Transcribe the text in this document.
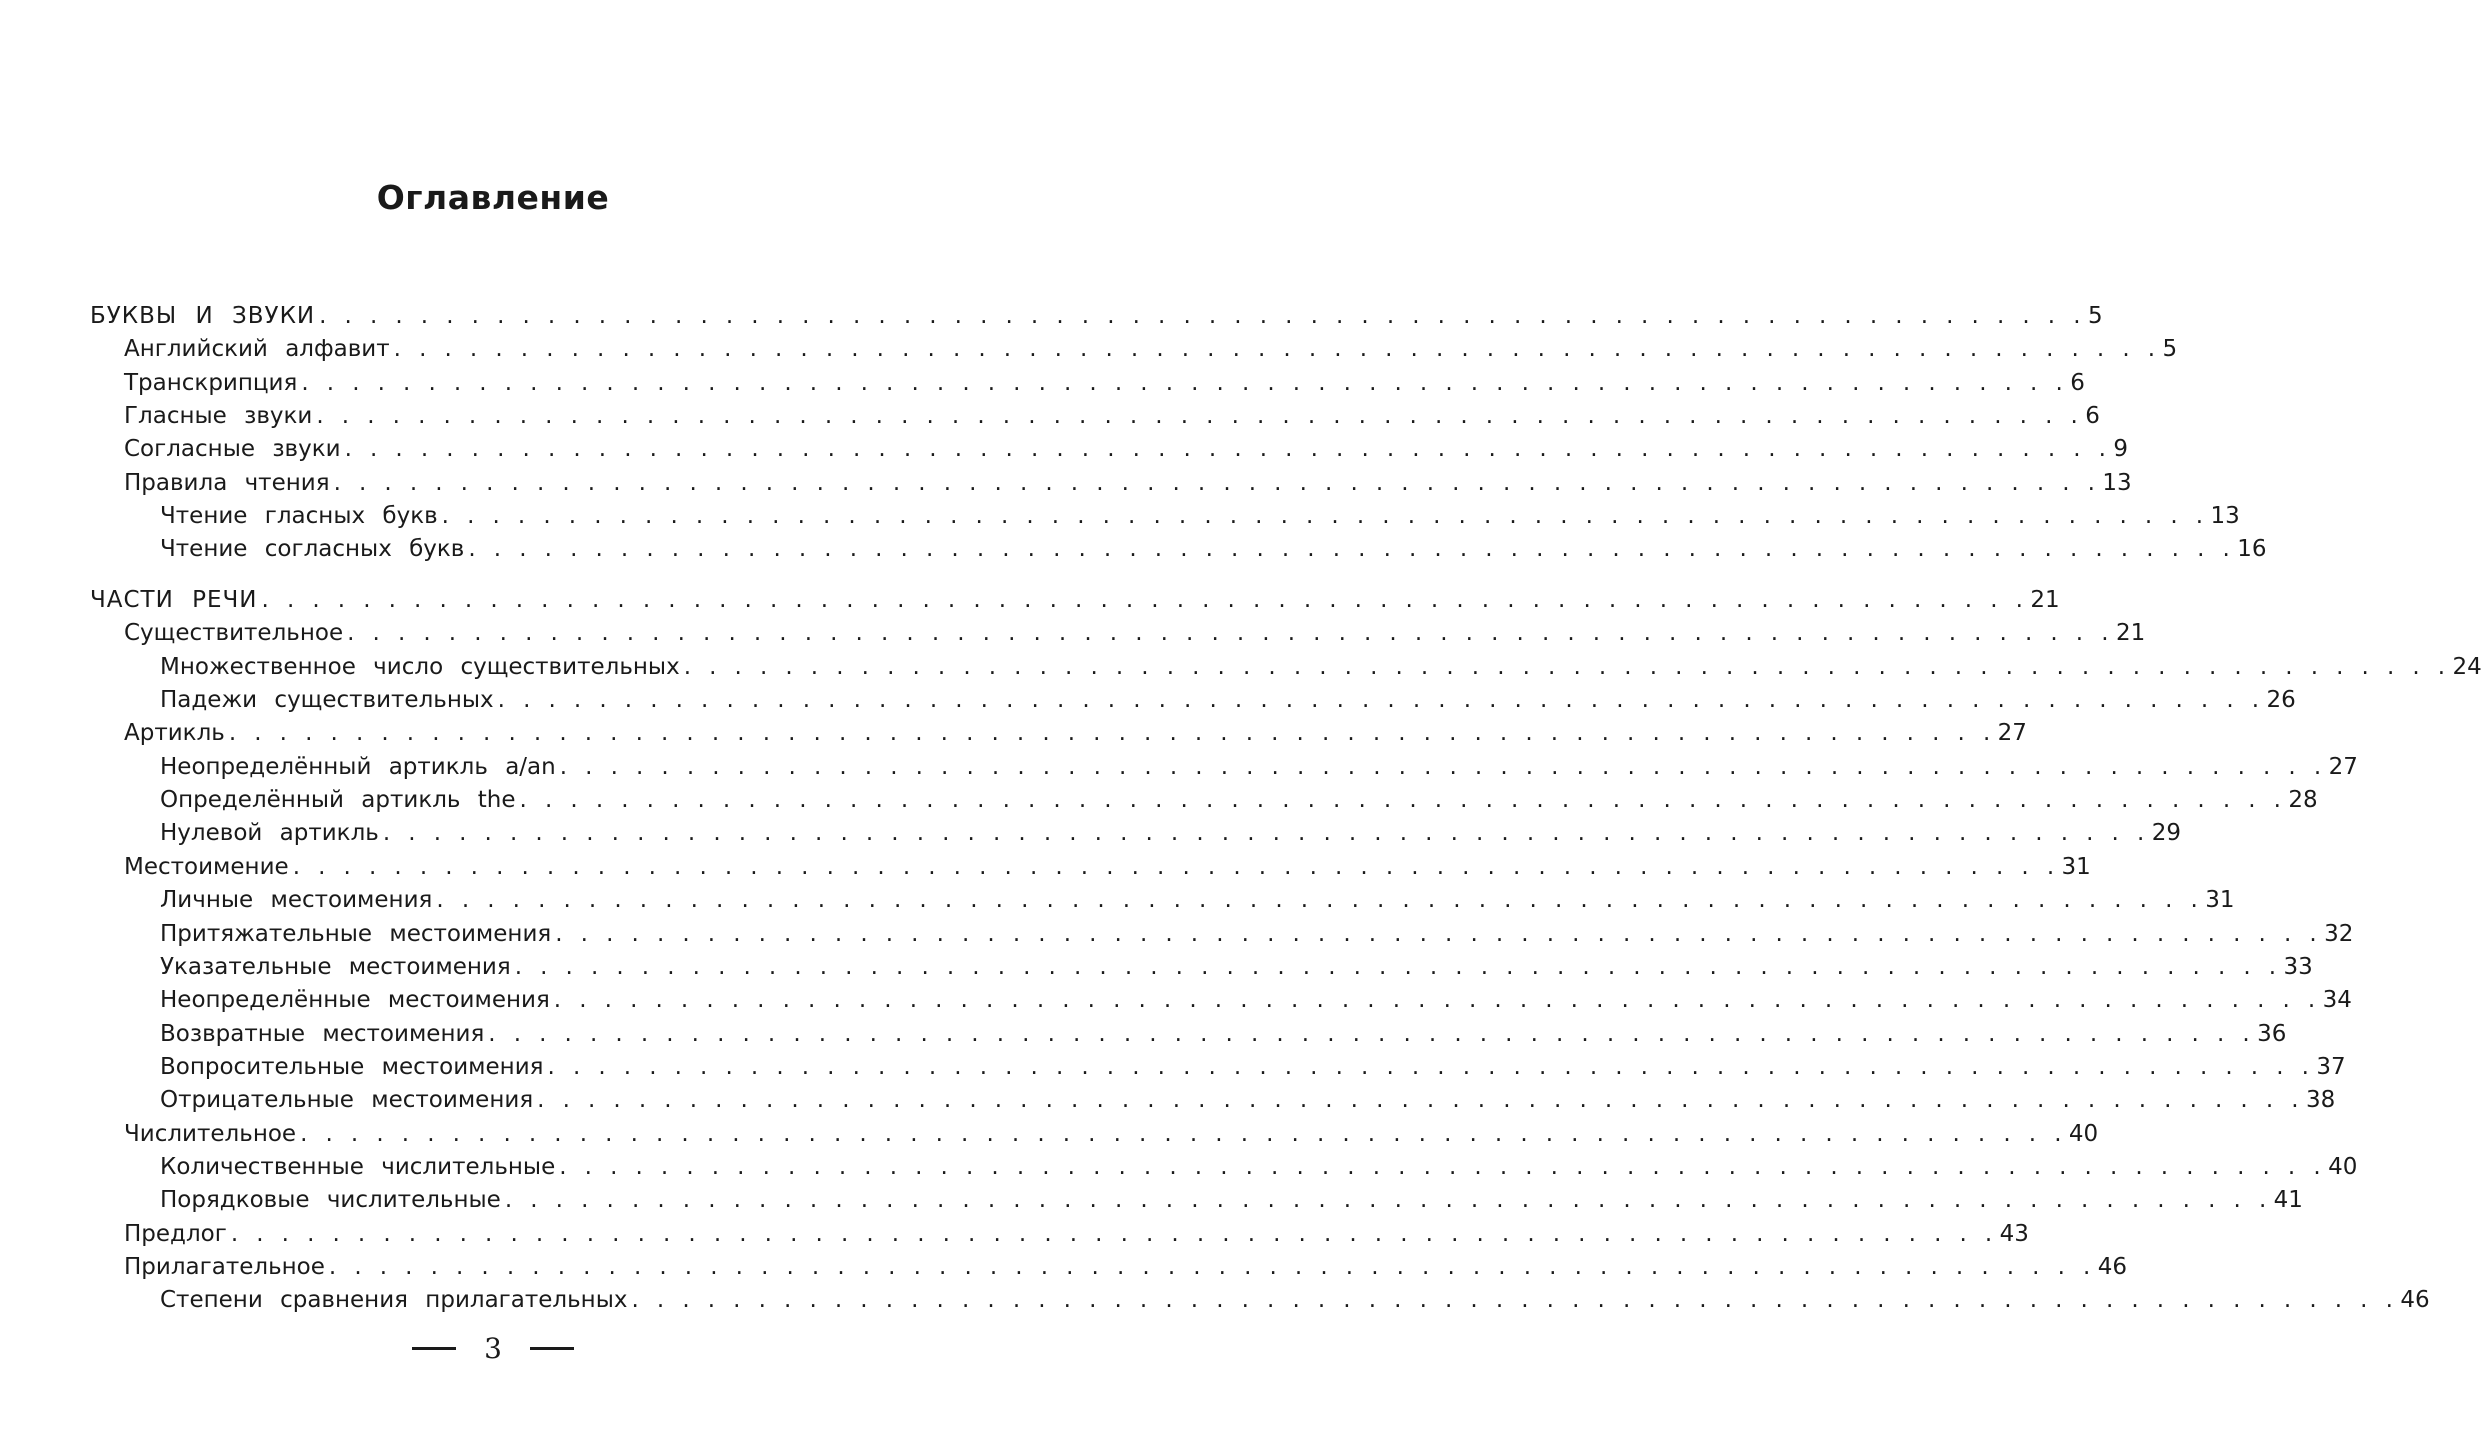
Оглавление
БУКВЫ И ЗВУКИ . . . . . . . . . . . . . . . . . . . . . . . . . . . . . . . . . . . . . . . . . . . . . . . . . . . . . . . . . . . . . . . . . . . . . . 5
Английский алфавит . . . . . . . . . . . . . . . . . . . . . . . . . . . . . . . . . . . . . . . . . . . . . . . . . . . . . . . . . . . . . . . . . . . . . . 5
Транскрипция . . . . . . . . . . . . . . . . . . . . . . . . . . . . . . . . . . . . . . . . . . . . . . . . . . . . . . . . . . . . . . . . . . . . . . 6
Гласные звуки . . . . . . . . . . . . . . . . . . . . . . . . . . . . . . . . . . . . . . . . . . . . . . . . . . . . . . . . . . . . . . . . . . . . . . 6
Согласные звуки . . . . . . . . . . . . . . . . . . . . . . . . . . . . . . . . . . . . . . . . . . . . . . . . . . . . . . . . . . . . . . . . . . . . . . 9
Правила чтения . . . . . . . . . . . . . . . . . . . . . . . . . . . . . . . . . . . . . . . . . . . . . . . . . . . . . . . . . . . . . . . . . . . . . . 13
Чтение гласных букв . . . . . . . . . . . . . . . . . . . . . . . . . . . . . . . . . . . . . . . . . . . . . . . . . . . . . . . . . . . . . . . . . . . . . . 13
Чтение согласных букв . . . . . . . . . . . . . . . . . . . . . . . . . . . . . . . . . . . . . . . . . . . . . . . . . . . . . . . . . . . . . . . . . . . . . . 16
ЧАСТИ РЕЧИ . . . . . . . . . . . . . . . . . . . . . . . . . . . . . . . . . . . . . . . . . . . . . . . . . . . . . . . . . . . . . . . . . . . . . . 21
Существительное . . . . . . . . . . . . . . . . . . . . . . . . . . . . . . . . . . . . . . . . . . . . . . . . . . . . . . . . . . . . . . . . . . . . . . 21
Множественное число существительных . . . . . . . . . . . . . . . . . . . . . . . . . . . . . . . . . . . . . . . . . . . . . . . . . . . . . . . . . . . . . . . . . . . . . . 24
Падежи существительных . . . . . . . . . . . . . . . . . . . . . . . . . . . . . . . . . . . . . . . . . . . . . . . . . . . . . . . . . . . . . . . . . . . . . . 26
Артикль . . . . . . . . . . . . . . . . . . . . . . . . . . . . . . . . . . . . . . . . . . . . . . . . . . . . . . . . . . . . . . . . . . . . . . 27
Неопределённый артикль a/an . . . . . . . . . . . . . . . . . . . . . . . . . . . . . . . . . . . . . . . . . . . . . . . . . . . . . . . . . . . . . . . . . . . . . . 27
Определённый артикль the . . . . . . . . . . . . . . . . . . . . . . . . . . . . . . . . . . . . . . . . . . . . . . . . . . . . . . . . . . . . . . . . . . . . . . 28
Нулевой артикль . . . . . . . . . . . . . . . . . . . . . . . . . . . . . . . . . . . . . . . . . . . . . . . . . . . . . . . . . . . . . . . . . . . . . . 29
Местоимение . . . . . . . . . . . . . . . . . . . . . . . . . . . . . . . . . . . . . . . . . . . . . . . . . . . . . . . . . . . . . . . . . . . . . . 31
Личные местоимения . . . . . . . . . . . . . . . . . . . . . . . . . . . . . . . . . . . . . . . . . . . . . . . . . . . . . . . . . . . . . . . . . . . . . . 31
Притяжательные местоимения . . . . . . . . . . . . . . . . . . . . . . . . . . . . . . . . . . . . . . . . . . . . . . . . . . . . . . . . . . . . . . . . . . . . . . 32
Указательные местоимения . . . . . . . . . . . . . . . . . . . . . . . . . . . . . . . . . . . . . . . . . . . . . . . . . . . . . . . . . . . . . . . . . . . . . . 33
Неопределённые местоимения . . . . . . . . . . . . . . . . . . . . . . . . . . . . . . . . . . . . . . . . . . . . . . . . . . . . . . . . . . . . . . . . . . . . . . 34
Возвратные местоимения . . . . . . . . . . . . . . . . . . . . . . . . . . . . . . . . . . . . . . . . . . . . . . . . . . . . . . . . . . . . . . . . . . . . . . 36
Вопросительные местоимения . . . . . . . . . . . . . . . . . . . . . . . . . . . . . . . . . . . . . . . . . . . . . . . . . . . . . . . . . . . . . . . . . . . . . . 37
Отрицательные местоимения . . . . . . . . . . . . . . . . . . . . . . . . . . . . . . . . . . . . . . . . . . . . . . . . . . . . . . . . . . . . . . . . . . . . . . 38
Числительное . . . . . . . . . . . . . . . . . . . . . . . . . . . . . . . . . . . . . . . . . . . . . . . . . . . . . . . . . . . . . . . . . . . . . . 40
Количественные числительные . . . . . . . . . . . . . . . . . . . . . . . . . . . . . . . . . . . . . . . . . . . . . . . . . . . . . . . . . . . . . . . . . . . . . . 40
Порядковые числительные . . . . . . . . . . . . . . . . . . . . . . . . . . . . . . . . . . . . . . . . . . . . . . . . . . . . . . . . . . . . . . . . . . . . . . 41
Предлог . . . . . . . . . . . . . . . . . . . . . . . . . . . . . . . . . . . . . . . . . . . . . . . . . . . . . . . . . . . . . . . . . . . . . . 43
Прилагательное . . . . . . . . . . . . . . . . . . . . . . . . . . . . . . . . . . . . . . . . . . . . . . . . . . . . . . . . . . . . . . . . . . . . . . 46
Степени сравнения прилагательных . . . . . . . . . . . . . . . . . . . . . . . . . . . . . . . . . . . . . . . . . . . . . . . . . . . . . . . . . . . . . . . . . . . . . . 46
3
